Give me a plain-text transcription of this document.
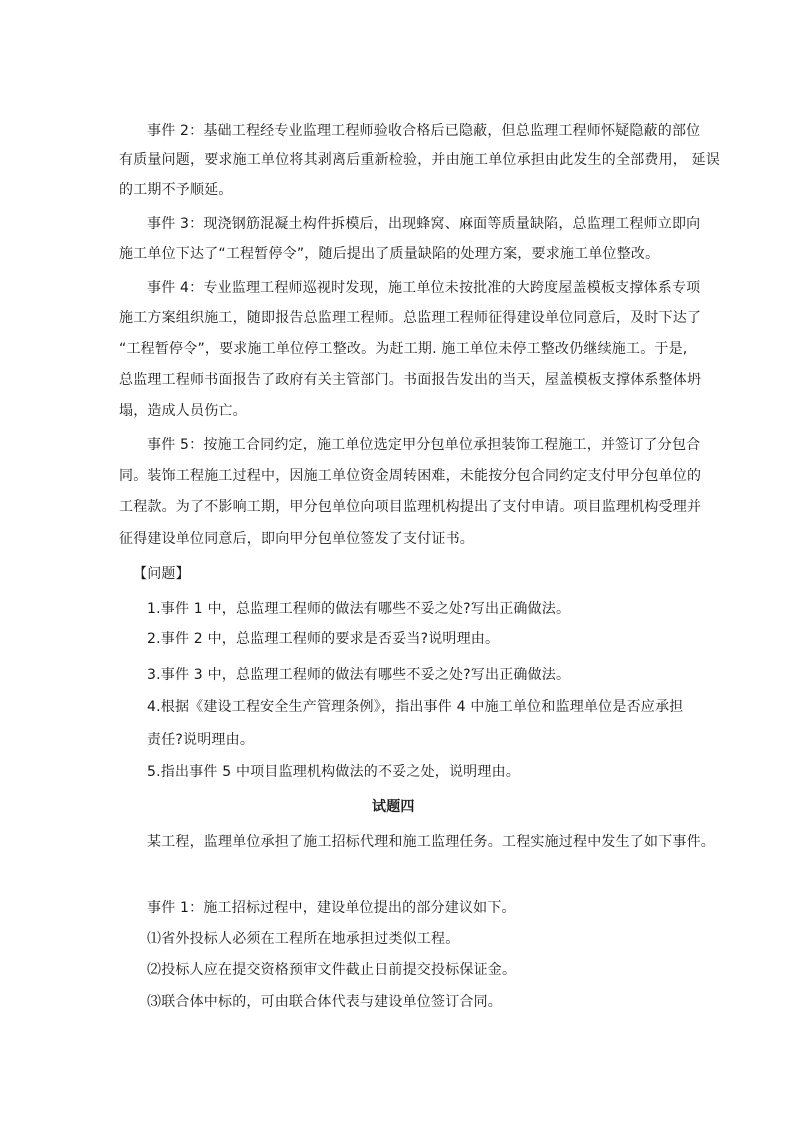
事件 2：基础工程经专业监理工程师验收合格后已隐蔽，但总监理工程师怀疑隐蔽的部位
有质量问题，要求施工单位将其剥离后重新检验，并由施工单位承担由此发生的全部费用， 延误
的工期不予顺延。
事件 3：现浇钢筋混凝土构件拆模后，出现蜂窝、麻面等质量缺陷，总监理工程师立即向
施工单位下达了“工程暂停令”，随后提出了质量缺陷的处理方案，要求施工单位整改。
事件 4：专业监理工程师巡视时发现，施工单位未按批准的大跨度屋盖模板支撑体系专项
施工方案组织施工，随即报告总监理工程师。总监理工程师征得建设单位同意后，及时下达了
“工程暂停令”，要求施工单位停工整改。为赶工期. 施工单位未停工整改仍继续施工。于是,
总监理工程师书面报告了政府有关主管部门。书面报告发出的当天，屋盖模板支撑体系整体坍
塌，造成人员伤亡。
事件 5：按施工合同约定，施工单位选定甲分包单位承担装饰工程施工，并签订了分包合
同。装饰工程施工过程中，因施工单位资金周转困难，未能按分包合同约定支付甲分包单位的
工程款。为了不影响工期，甲分包单位向项目监理机构提出了支付申请。项目监理机构受理并
征得建设单位同意后，即向甲分包单位签发了支付证书。
【问题】
1.事件 1 中，总监理工程师的做法有哪些不妥之处?写出正确做法。
2.事件 2 中，总监理工程师的要求是否妥当?说明理由。
3.事件 3 中，总监理工程师的做法有哪些不妥之处?写出正确做法。
4.根据《建设工程安全生产管理条例》，指出事件 4 中施工单位和监理单位是否应承担
责任?说明理由。
5.指出事件 5 中项目监理机构做法的不妥之处，说明理由。
试题四
某工程，监理单位承担了施工招标代理和施工监理任务。工程实施过程中发生了如下事件。
事件 1：施工招标过程中，建设单位提出的部分建议如下。
⑴省外投标人必须在工程所在地承担过类似工程。
⑵投标人应在提交资格预审文件截止日前提交投标保证金。
⑶联合体中标的，可由联合体代表与建设单位签订合同。
